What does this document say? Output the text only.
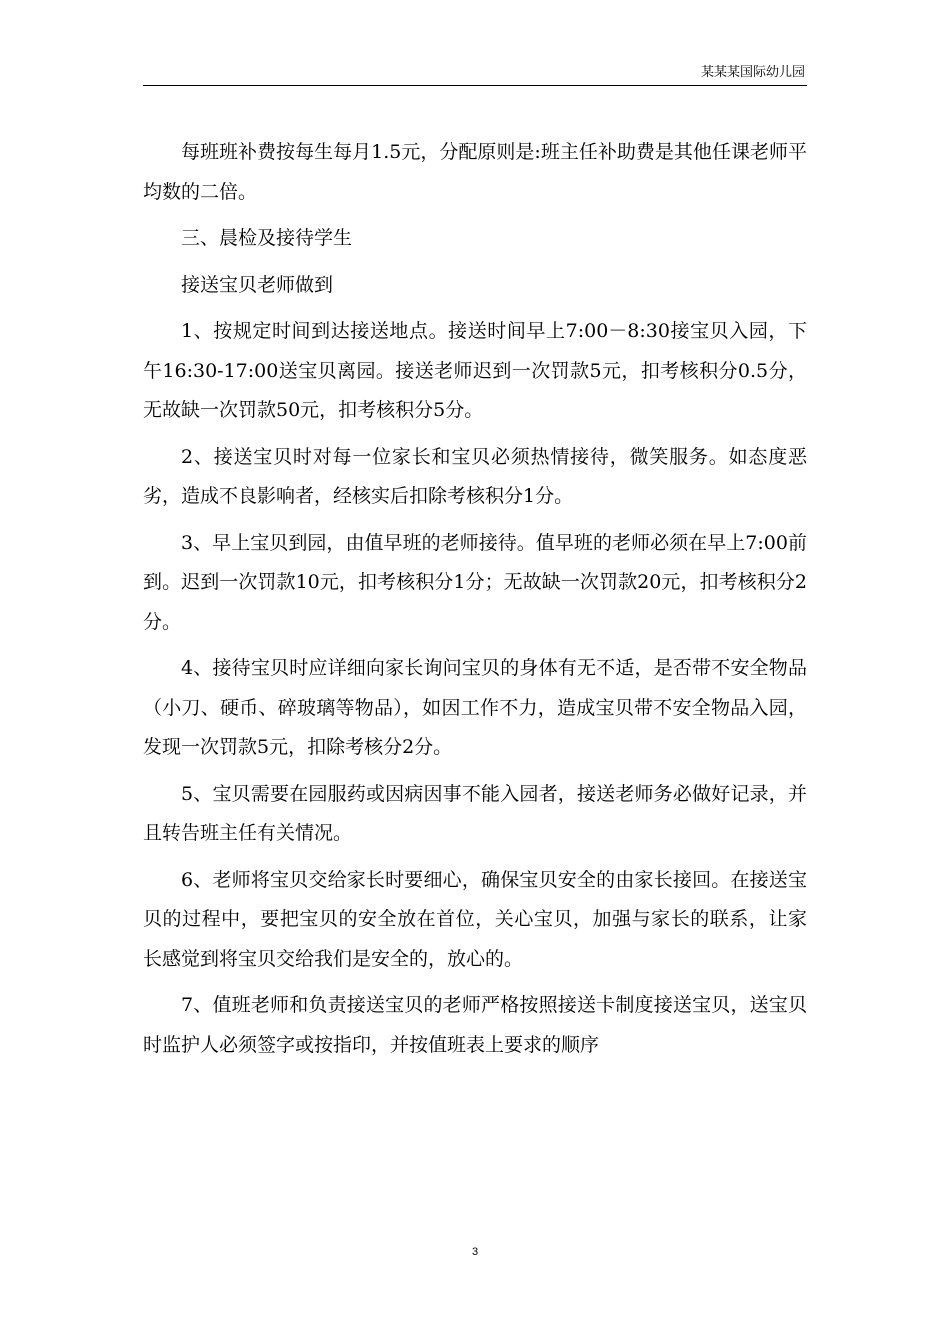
某某某国际幼儿园

每班班补费按每生每月1.5元，分配原则是:班主任补助费是其他任课老师平均数的二倍。

三、晨检及接待学生

接送宝贝老师做到

1、按规定时间到达接送地点。接送时间早上7:00－8:30接宝贝入园，下午16:30-17:00送宝贝离园。接送老师迟到一次罚款5元，扣考核积分0.5分，无故缺一次罚款50元，扣考核积分5分。

2、接送宝贝时对每一位家长和宝贝必须热情接待，微笑服务。如态度恶劣，造成不良影响者，经核实后扣除考核积分1分。

3、早上宝贝到园，由值早班的老师接待。值早班的老师必须在早上7:00前到。迟到一次罚款10元，扣考核积分1分；无故缺一次罚款20元，扣考核积分2分。

4、接待宝贝时应详细向家长询问宝贝的身体有无不适，是否带不安全物品（小刀、硬币、碎玻璃等物品），如因工作不力，造成宝贝带不安全物品入园，发现一次罚款5元，扣除考核分2分。

5、宝贝需要在园服药或因病因事不能入园者，接送老师务必做好记录，并且转告班主任有关情况。

6、老师将宝贝交给家长时要细心，确保宝贝安全的由家长接回。在接送宝贝的过程中，要把宝贝的安全放在首位，关心宝贝，加强与家长的联系，让家长感觉到将宝贝交给我们是安全的，放心的。

7、值班老师和负责接送宝贝的老师严格按照接送卡制度接送宝贝，送宝贝时监护人必须签字或按指印，并按值班表上要求的顺序

3
